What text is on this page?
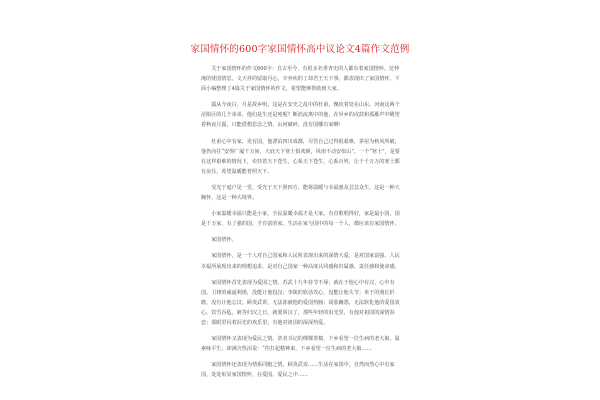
家国情怀的600字家国情怀高中议论文4篇作文范例

关于家国情怀的作文600字：自古至今，有很多名垂青史的人都有着家国情怀。范仲淹的忧国情思，文天祥的留取丹心，辛弃疾的了却君王天下事，都表现出了家国情怀。下面小编整理了4篇关于家国情怀的作文，希望能够帮助到大家。

露从今夜白，月是故乡明。这是在安史之乱中的杜甫，愧疚着处在山东、河南这两个沦陷区的几个弟弟，他们是生还是死呢？断消流离中的他，在异乡的戍鼓和孤雁声中眺望着秋夜月露，只能借想思念之情，山河破碎，没有国哪有家啊！

杜甫心中有家，更有国，他漂泊四川成都，尽管自己过得很艰难，茅屋为秋风所破，他仍向往“安得广厦千万间，大庇天下寒士俱欢颜，风雨不动安如山”。一个“寒士”，是要在这样艰难的情况下，牵挂着天下苍生，心系天下苍生，心系百姓，让千千万万的寒士都有房住，希望温暖能普照天下。

受光于庭户见一堂，受光于天下照四方。能将温暖与幸福惠及芸芸众生，这是一种大胸怀，这是一种大境界。

小家温暖幸福只能是小家，全民温暖幸福才是大家。有首歌唱得好，家是最小国，国是千万家，有了强的国，才有富的家。生活在家与国中的每一个人，都应该有家国情怀。

家国情怀。

家国情怀，是一个人对自己国家和人民所表现出来的深情大爱，是对国家富强、人民幸福所展现出来的理想追求，是对自己国家一种高度认同感和归属感、责任感和使命感。

家国情怀首先表现为爱国之情。苏武十九年持节不辱；就在于他心中有汉，心中有国。卫律的威逼利诱，没能让他投汉；李陵的软话攻心，没能让他失节；单于的漫长折磨，没有让他忘汉。顾炎武讲，无法冻被他的爱国热肠；胡茄幽怨，无法软化他的爱国衷心。饮雪吞毡，就等归汉之日，就要回汉了，那些年轻的泪光里，有他对祖国的深情眷恋；那眼里闪着泪光的欢乐里，有他对祖国的深深热爱。

家国情怀又表现为爱民之情。甚者书记的棵棵善棉，下乡看望一位生病的老大娘，温素咏平生，却满含热泪说：“你打起精神来，下乡看望一位生病的老大娘……

家国情怀还表现为情系同胞之情。顾炎武说……生活在家国中，自然而然心中有家国，处处彰显家国情怀，在爱国、爱民之中……
